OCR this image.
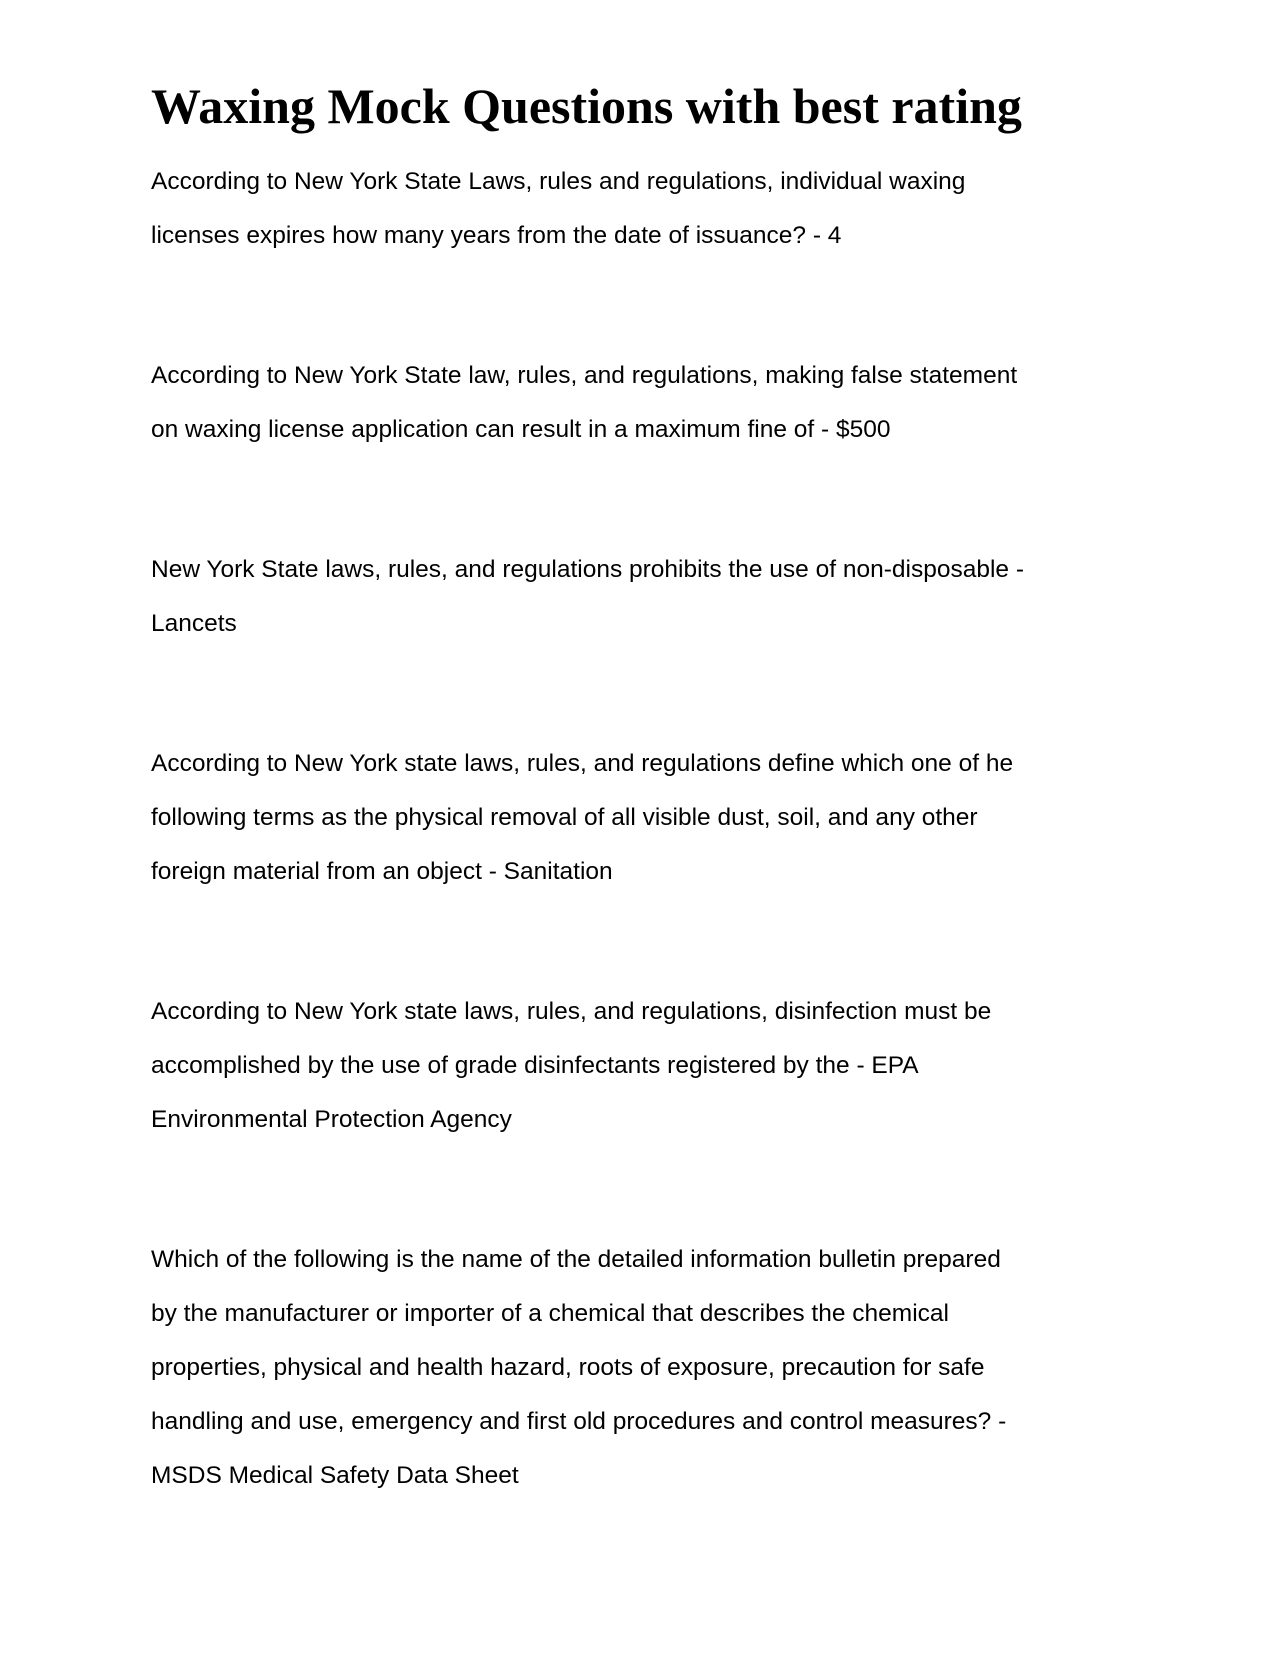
Waxing Mock Questions with best rating
According to New York State Laws, rules and regulations, individual waxing
licenses expires how many years from the date of issuance? - 4
According to New York State law, rules, and regulations, making false statement
on waxing license application can result in a maximum fine of - $500
New York State laws, rules, and regulations prohibits the use of non-disposable -
Lancets
According to New York state laws, rules, and regulations define which one of he
following terms as the physical removal of all visible dust, soil, and any other
foreign material from an object - Sanitation
According to New York state laws, rules, and regulations, disinfection must be
accomplished by the use of grade disinfectants registered by the - EPA
Environmental Protection Agency
Which of the following is the name of the detailed information bulletin prepared
by the manufacturer or importer of a chemical that describes the chemical
properties, physical and health hazard, roots of exposure, precaution for safe
handling and use, emergency and first old procedures and control measures? -
MSDS Medical Safety Data Sheet
